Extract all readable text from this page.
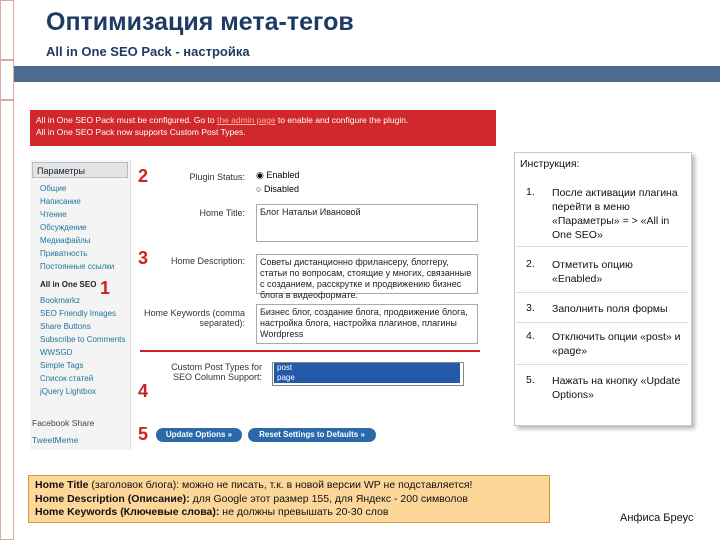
Оптимизация мета-тегов
All in One SEO Pack - настройка
All in One SEO Pack must be configured. Go to the admin page to enable and configure the plugin.
All in One SEO Pack now supports Custom Post Types.
Параметры
Общие
Написание
Чтение
Обсуждение
Медиафайлы
Приватность
Постоянные ссылки
All in One SEO
Bookmarkz
SEO Friendly Images
Share Buttons
Subscribe to Comments
WWSGD
Simple Tags
Список статей
jQuery Lightbox
Facebook Share
TweetMeme
2
3
1
4
5
Plugin Status: ◉ Enabled
○ Disabled
Home Title:	Блог Натальи Ивановой
Home Description:	Советы дистанционно фрилансеру, блоггеру, статьи по вопросам, стоящие у многих, связанные с созданием, расскрутке и продвижению бизнес блога в видеоформате.
Home Keywords (comma separated):
Бизнес блог, создание блога, продвижение блога, настройка блога, настройка плагинов, плагины Wordpress
Custom Post Types for SEO Column Support:
post
page
Update Options »	Reset Settings to Defaults »
Инструкция:
1. После активации плагина перейти в меню «Параметры» = > «All in One SEO»
2. Отметить опцию «Enabled»
3. Заполнить поля формы
4. Отключить опции «post» и «page»
5. Нажать на кнопку «Update Options»
Home Title (заголовок блога): можно не писать, т.к. в новой версии WP не подставляется!
Home Description (Описание): для Google этот размер 155, для Яндекс - 200 символов
Home Keywords (Ключевые слова): не должны превышать 20-30 слов	Анфиса Бреус
